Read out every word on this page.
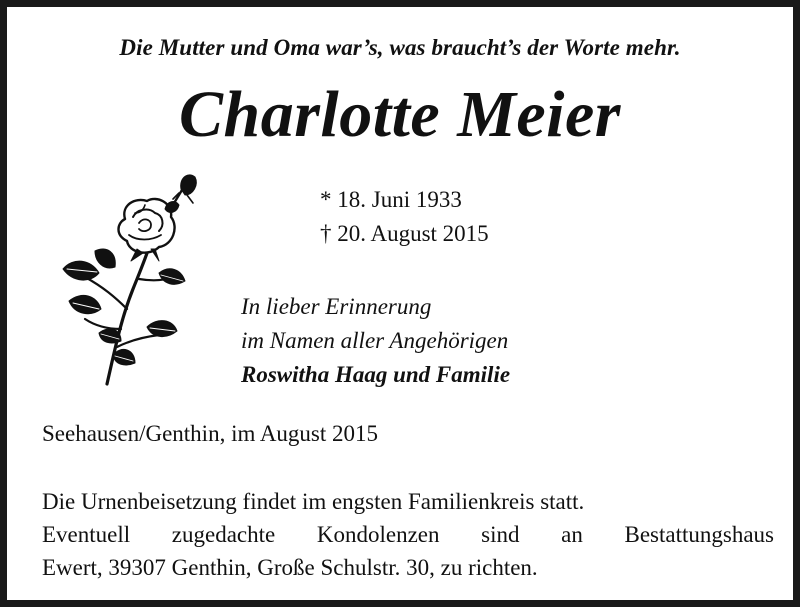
Die Mutter und Oma war’s, was braucht’s der Worte mehr.
Charlotte Meier
* 18. Juni 1933
† 20. August 2015
In lieber Erinnerung
im Namen aller Angehörigen
Roswitha Haag und Familie
Seehausen/Genthin, im August 2015
Die Urnenbeisetzung findet im engsten Familienkreis statt.
Eventuell zugedachte Kondolenzen sind an Bestattungshaus
Ewert, 39307 Genthin, Große Schulstr. 30, zu richten.
